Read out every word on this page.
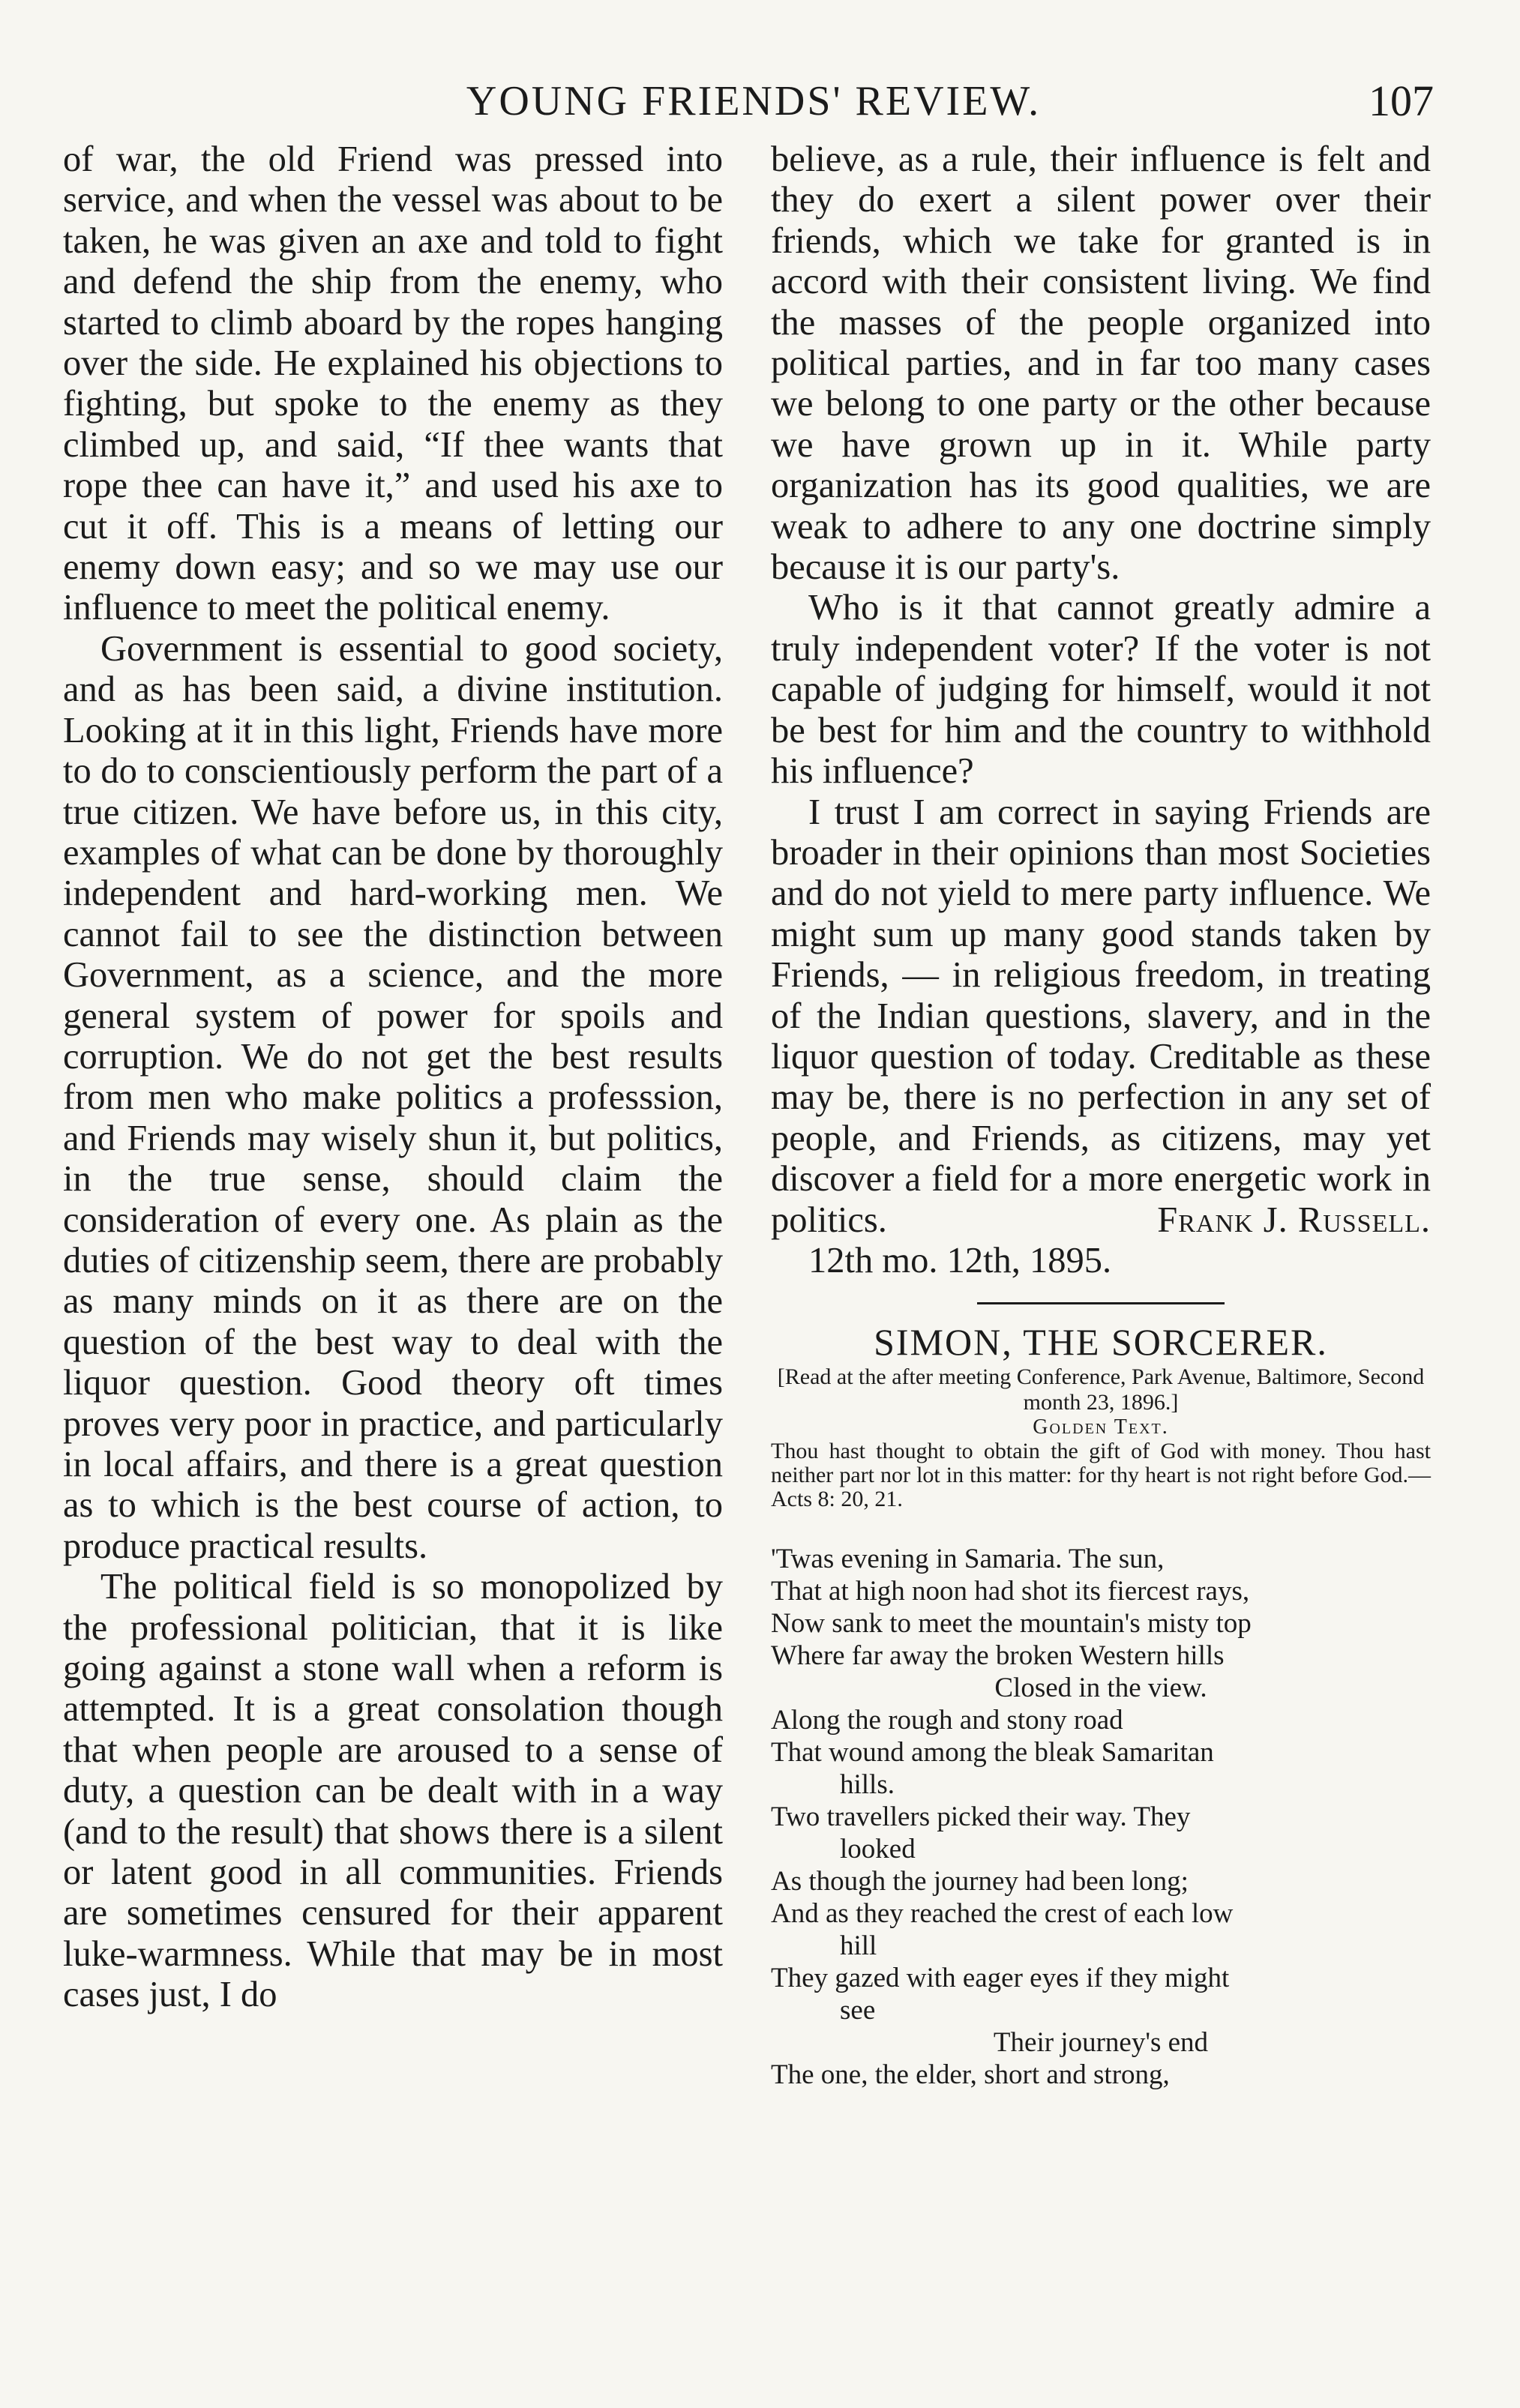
YOUNG FRIENDS' REVIEW.	107

of war, the old Friend was pressed into service, and when the vessel was about to be taken, he was given an axe and told to fight and defend the ship from the enemy, who started to climb aboard by the ropes hanging over the side. He explained his objections to fighting, but spoke to the enemy as they climbed up, and said, “If thee wants that rope thee can have it,” and used his axe to cut it off. This is a means of letting our enemy down easy; and so we may use our influence to meet the political enemy.

Government is essential to good society, and as has been said, a divine institution. Looking at it in this light, Friends have more to do to conscientiously perform the part of a true citizen. We have before us, in this city, examples of what can be done by thoroughly independent and hard-working men. We cannot fail to see the distinction between Government, as a science, and the more general system of power for spoils and corruption. We do not get the best results from men who make politics a professsion, and Friends may wisely shun it, but politics, in the true sense, should claim the consideration of every one. As plain as the duties of citizenship seem, there are probably as many minds on it as there are on the question of the best way to deal with the liquor question. Good theory oft times proves very poor in practice, and particularly in local affairs, and there is a great question as to which is the best course of action, to produce practical results.

The political field is so monopolized by the professional politician, that it is like going against a stone wall when a reform is attempted. It is a great consolation though that when people are aroused to a sense of duty, a question can be dealt with in a way (and to the result) that shows there is a silent or latent good in all communities. Friends are sometimes censured for their apparent luke-warmness. While that may be in most cases just, I do

believe, as a rule, their influence is felt and they do exert a silent power over their friends, which we take for granted is in accord with their consistent living. We find the masses of the people organized into political parties, and in far too many cases we belong to one party or the other because we have grown up in it. While party organization has its good qualities, we are weak to adhere to any one doctrine simply because it is our party's.

Who is it that cannot greatly admire a truly independent voter? If the voter is not capable of judging for himself, would it not be best for him and the country to withhold his influence?

I trust I am correct in saying Friends are broader in their opinions than most Societies and do not yield to mere party influence. We might sum up many good stands taken by Friends, — in religious freedom, in treating of the Indian questions, slavery, and in the liquor question of today. Creditable as these may be, there is no perfection in any set of people, and Friends, as citizens, may yet discover a field for a more energetic work in politics.	Frank J. Russell.

12th mo. 12th, 1895.

SIMON, THE SORCERER.

[Read at the after meeting Conference, Park Avenue, Baltimore, Second month 23, 1896.]

Golden Text.

Thou hast thought to obtain the gift of God with money. Thou hast neither part nor lot in this matter: for thy heart is not right before God.—Acts 8: 20, 21.

'Twas evening in Samaria. The sun,
That at high noon had shot its fiercest rays,
Now sank to meet the mountain's misty top
Where far away the broken Western hills
Closed in the view.
Along the rough and stony road
That wound among the bleak Samaritan
hills.
Two travellers picked their way. They
looked
As though the journey had been long;
And as they reached the crest of each low
hill
They gazed with eager eyes if they might
see
Their journey's end
The one, the elder, short and strong,
